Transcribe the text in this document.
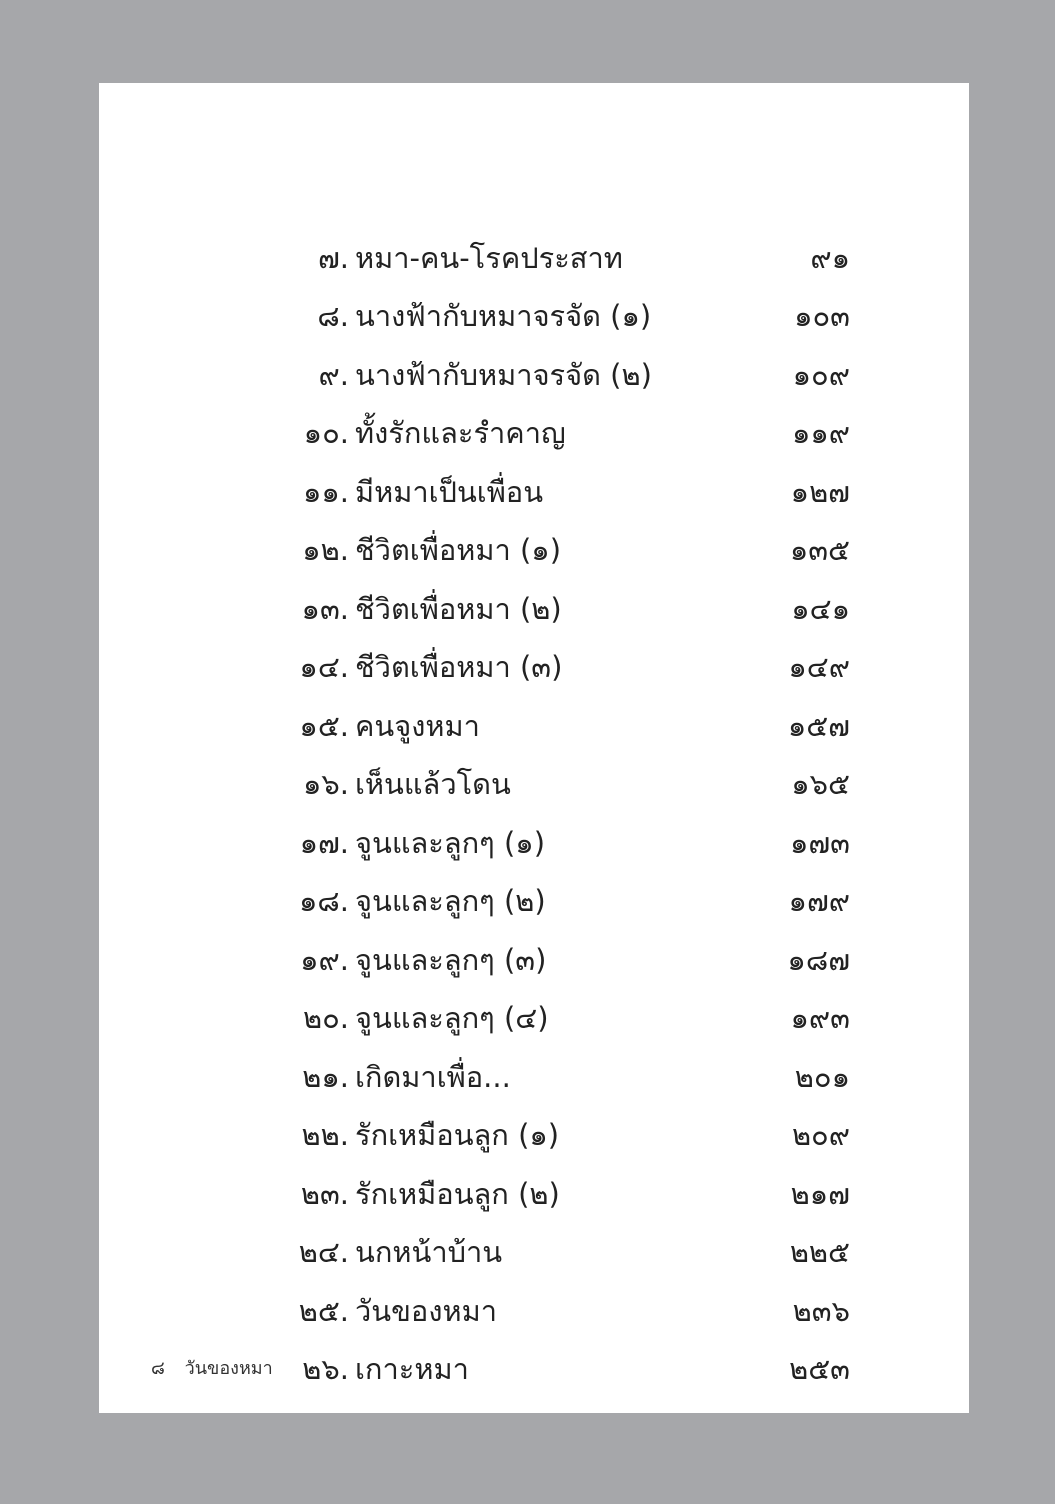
๗. หมา-คน-โรคประสาท	๙๑
๘. นางฟ้ากับหมาจรจัด (๑)	๑๐๓
๙. นางฟ้ากับหมาจรจัด (๒)	๑๐๙
๑๐. ทั้งรักและรำคาญ	๑๑๙
๑๑. มีหมาเป็นเพื่อน	๑๒๗
๑๒. ชีวิตเพื่อหมา (๑)	๑๓๕
๑๓. ชีวิตเพื่อหมา (๒)	๑๔๑
๑๔. ชีวิตเพื่อหมา (๓)	๑๔๙
๑๕. คนจูงหมา	๑๕๗
๑๖. เห็นแล้วโดน	๑๖๕
๑๗. จูนและลูกๆ (๑)	๑๗๓
๑๘. จูนและลูกๆ (๒)	๑๗๙
๑๙. จูนและลูกๆ (๓)	๑๘๗
๒๐. จูนและลูกๆ (๔)	๑๙๓
๒๑. เกิดมาเพื่อ...	๒๐๑
๒๒. รักเหมือนลูก (๑)	๒๐๙
๒๓. รักเหมือนลูก (๒)	๒๑๗
๒๔. นกหน้าบ้าน	๒๒๕
๒๕. วันของหมา	๒๓๖
๒๖. เกาะหมา	๒๕๓
๘ วันของหมา
